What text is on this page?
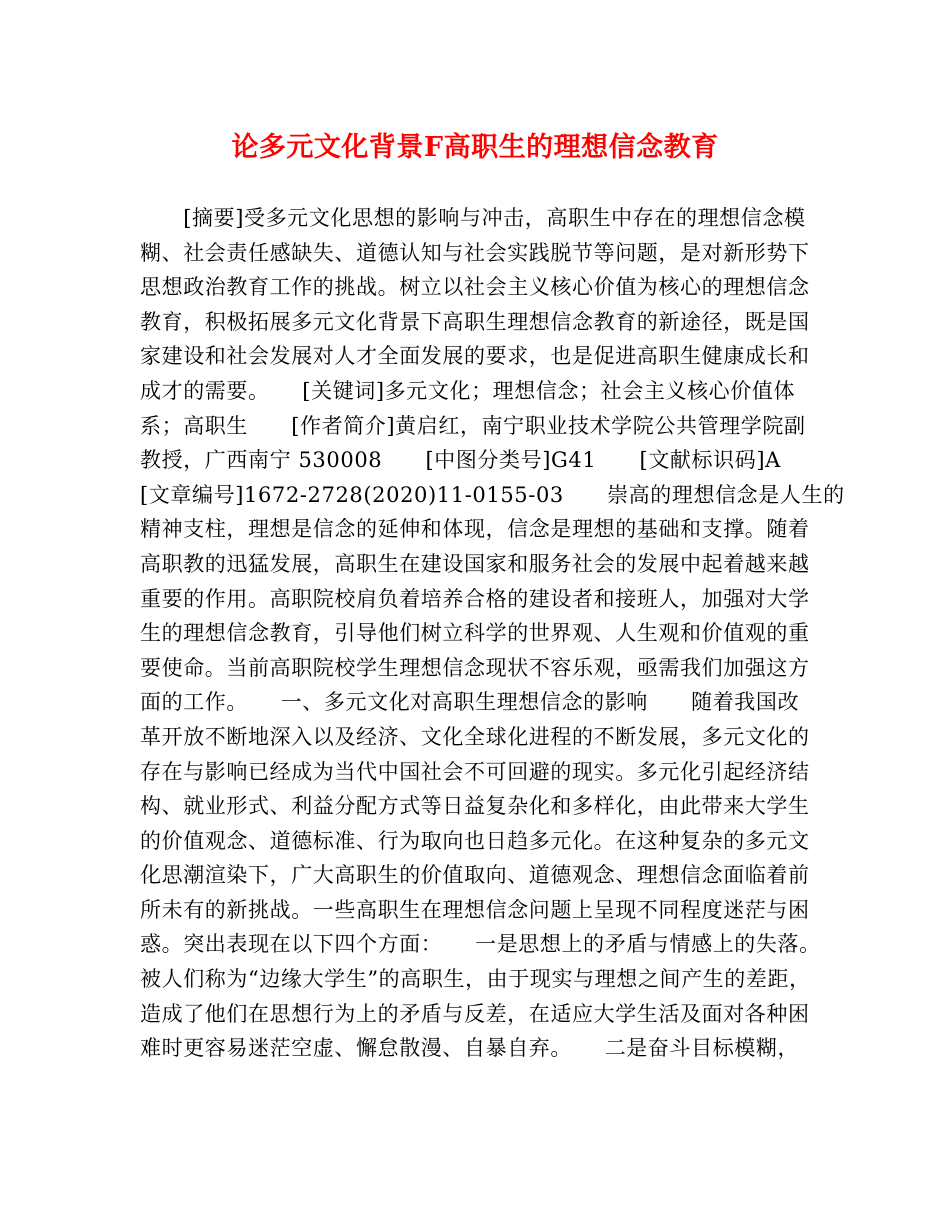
论多元文化背景F高职生的理想信念教育
　　[摘要]受多元文化思想的影响与冲击，高职生中存在的理想信念模
糊、社会责任感缺失、道德认知与社会实践脱节等问题，是对新形势下
思想政治教育工作的挑战。树立以社会主义核心价值为核心的理想信念
教育，积极拓展多元文化背景下高职生理想信念教育的新途径，既是国
家建设和社会发展对人才全面发展的要求，也是促进高职生健康成长和
成才的需要。　　[关键词]多元文化；理想信念；社会主义核心价值体
系；高职生　　[作者简介]黄启红，南宁职业技术学院公共管理学院副
教授，广西南宁 530008　　[中图分类号]G41　　[文献标识码]A
[文章编号]1672-2728(2020)11-0155-03　　崇高的理想信念是人生的
精神支柱，理想是信念的延伸和体现，信念是理想的基础和支撑。随着
高职教的迅猛发展，高职生在建设国家和服务社会的发展中起着越来越
重要的作用。高职院校肩负着培养合格的建设者和接班人，加强对大学
生的理想信念教育，引导他们树立科学的世界观、人生观和价值观的重
要使命。当前高职院校学生理想信念现状不容乐观，亟需我们加强这方
面的工作。　　一、多元文化对高职生理想信念的影响　　随着我国改
革开放不断地深入以及经济、文化全球化进程的不断发展，多元文化的
存在与影响已经成为当代中国社会不可回避的现实。多元化引起经济结
构、就业形式、利益分配方式等日益复杂化和多样化，由此带来大学生
的价值观念、道德标准、行为取向也日趋多元化。在这种复杂的多元文
化思潮渲染下，广大高职生的价值取向、道德观念、理想信念面临着前
所未有的新挑战。一些高职生在理想信念问题上呈现不同程度迷茫与困
惑。突出表现在以下四个方面：　　一是思想上的矛盾与情感上的失落。
被人们称为“边缘大学生”的高职生，由于现实与理想之间产生的差距，
造成了他们在思想行为上的矛盾与反差，在适应大学生活及面对各种困
难时更容易迷茫空虚、懈怠散漫、自暴自弃。　　二是奋斗目标模糊，
